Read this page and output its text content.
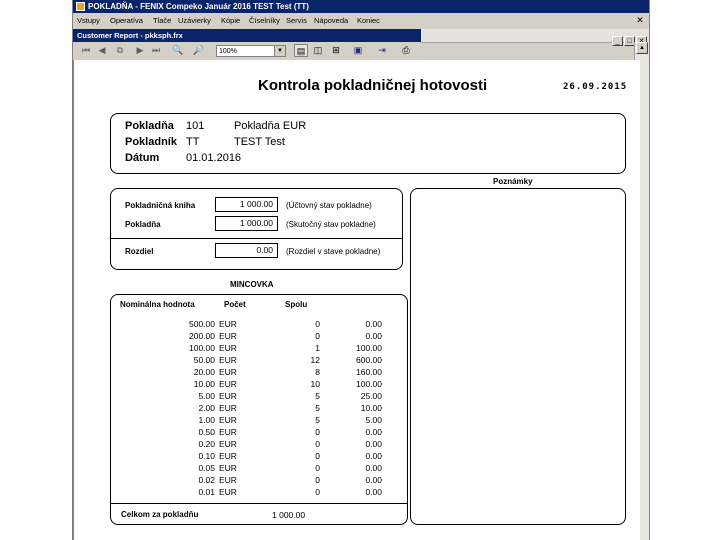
POKLADŇA - FENIX Compeko Január 2016 TEST Test (TT)
Vstupy Operatíva Tlače Uzávierky Kópie Číselníky Servis Nápoveda Koniec	✕
Customer Report - pkksph.frx
_ □
⏮ ◀	⧉	▶ ⏭	🔍 🔎	100%	▼	▤ ◫	⊞	▣	⇥	⎙	▲
Kontrola pokladničnej hotovosti	26.09.2015
Pokladňa 101	Pokladňa EUR
Pokladník TT	TEST Test
Dátum 01.01.2016
Poznámky
Pokladničná kniha	1 000.00	(Účtovný stav pokladne)
Pokladňa	1 000.00	(Skutočný stav pokladne)
Rozdiel	0.00	(Rozdiel v stave pokladne)
MINCOVKA
Nominálna hodnota	Počet	Spolu
500.00 EUR	0	0.00
200.00 EUR	0	0.00
100.00 EUR	1	100.00
50.00 EUR	12	600.00
20.00 EUR	8	160.00
10.00 EUR	10	100.00
5.00 EUR	5	25.00
2.00 EUR	5	10.00
1.00 EUR	5	5.00
0.50 EUR	0	0.00
0.20 EUR	0	0.00
0.10 EUR	0	0.00
0.05 EUR	0	0.00
0.02 EUR	0	0.00
0.01 EUR	0	0.00
Celkom za pokladňu	1 000.00
